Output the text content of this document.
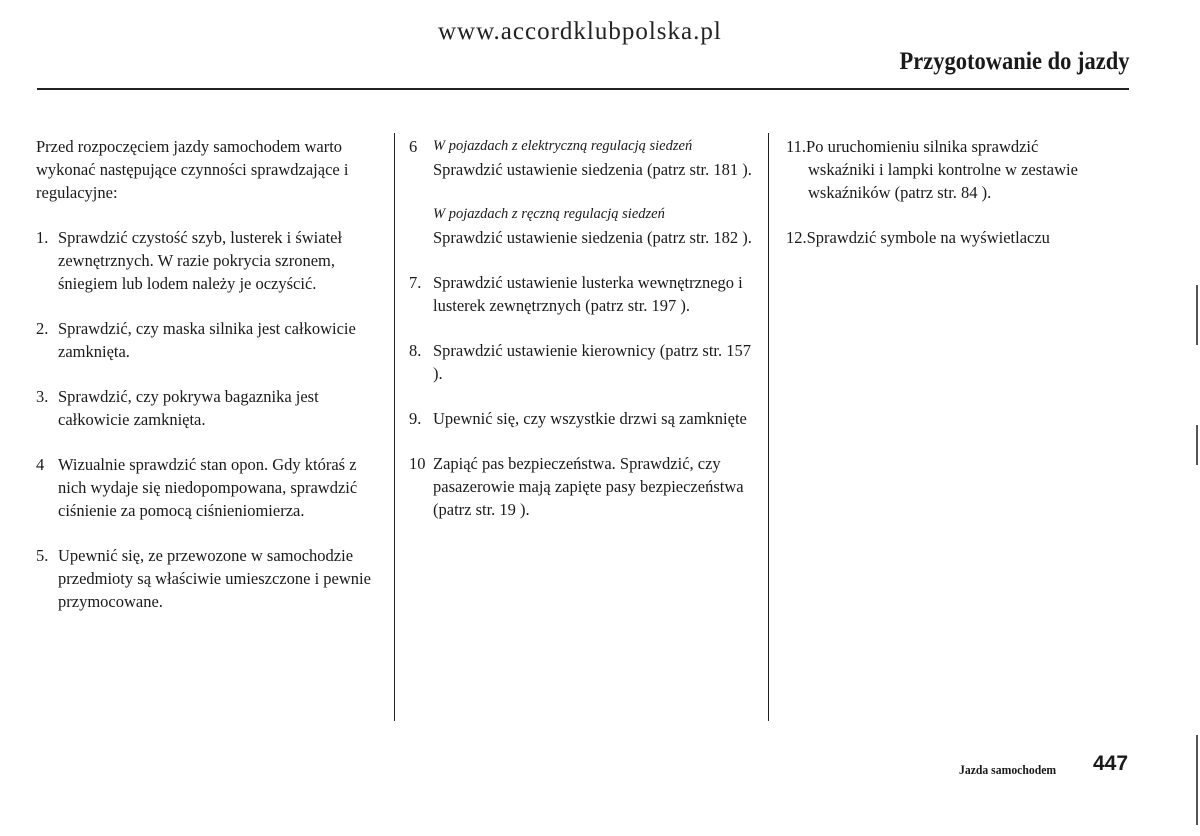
www.accordklubpolska.pl
Przygotowanie do jazdy

Przed rozpoczęciem jazdy samochodem warto wykonać następujące czynności sprawdzające i regulacyjne:

1. Sprawdzić czystość szyb, lusterek i świateł zewnętrznych. W razie pokrycia szronem, śniegiem lub lodem należy je oczyścić.
2. Sprawdzić, czy maska silnika jest całkowicie zamknięta.
3. Sprawdzić, czy pokrywa bagaznika jest całkowicie zamknięta.
4 Wizualnie sprawdzić stan opon. Gdy któraś z nich wydaje się niedopompowana, sprawdzić ciśnienie za pomocą ciśnieniomierza.
5. Upewnić się, ze przewozone w samochodzie przedmioty są właściwie umieszczone i pewnie przymocowane.
6 W pojazdach z elektryczną regulacją siedzeń
Sprawdzić ustawienie siedzenia (patrz str. 181 ).
W pojazdach z ręczną regulacją siedzeń
Sprawdzić ustawienie siedzenia (patrz str. 182 ).
7. Sprawdzić ustawienie lusterka wewnętrznego i lusterek zewnętrznych (patrz str. 197 ).
8. Sprawdzić ustawienie kierownicy (patrz str. 157 ).
9. Upewnić się, czy wszystkie drzwi są zamknięte
10 Zapiąć pas bezpieczeństwa. Sprawdzić, czy pasazerowie mają zapięte pasy bezpieczeństwa (patrz str. 19 ).
11.Po uruchomieniu silnika sprawdzić
wskaźniki i lampki kontrolne w zestawie
wskaźników (patrz str. 84 ).
12.Sprawdzić symbole na wyświetlaczu
Jazda samochodem 447
